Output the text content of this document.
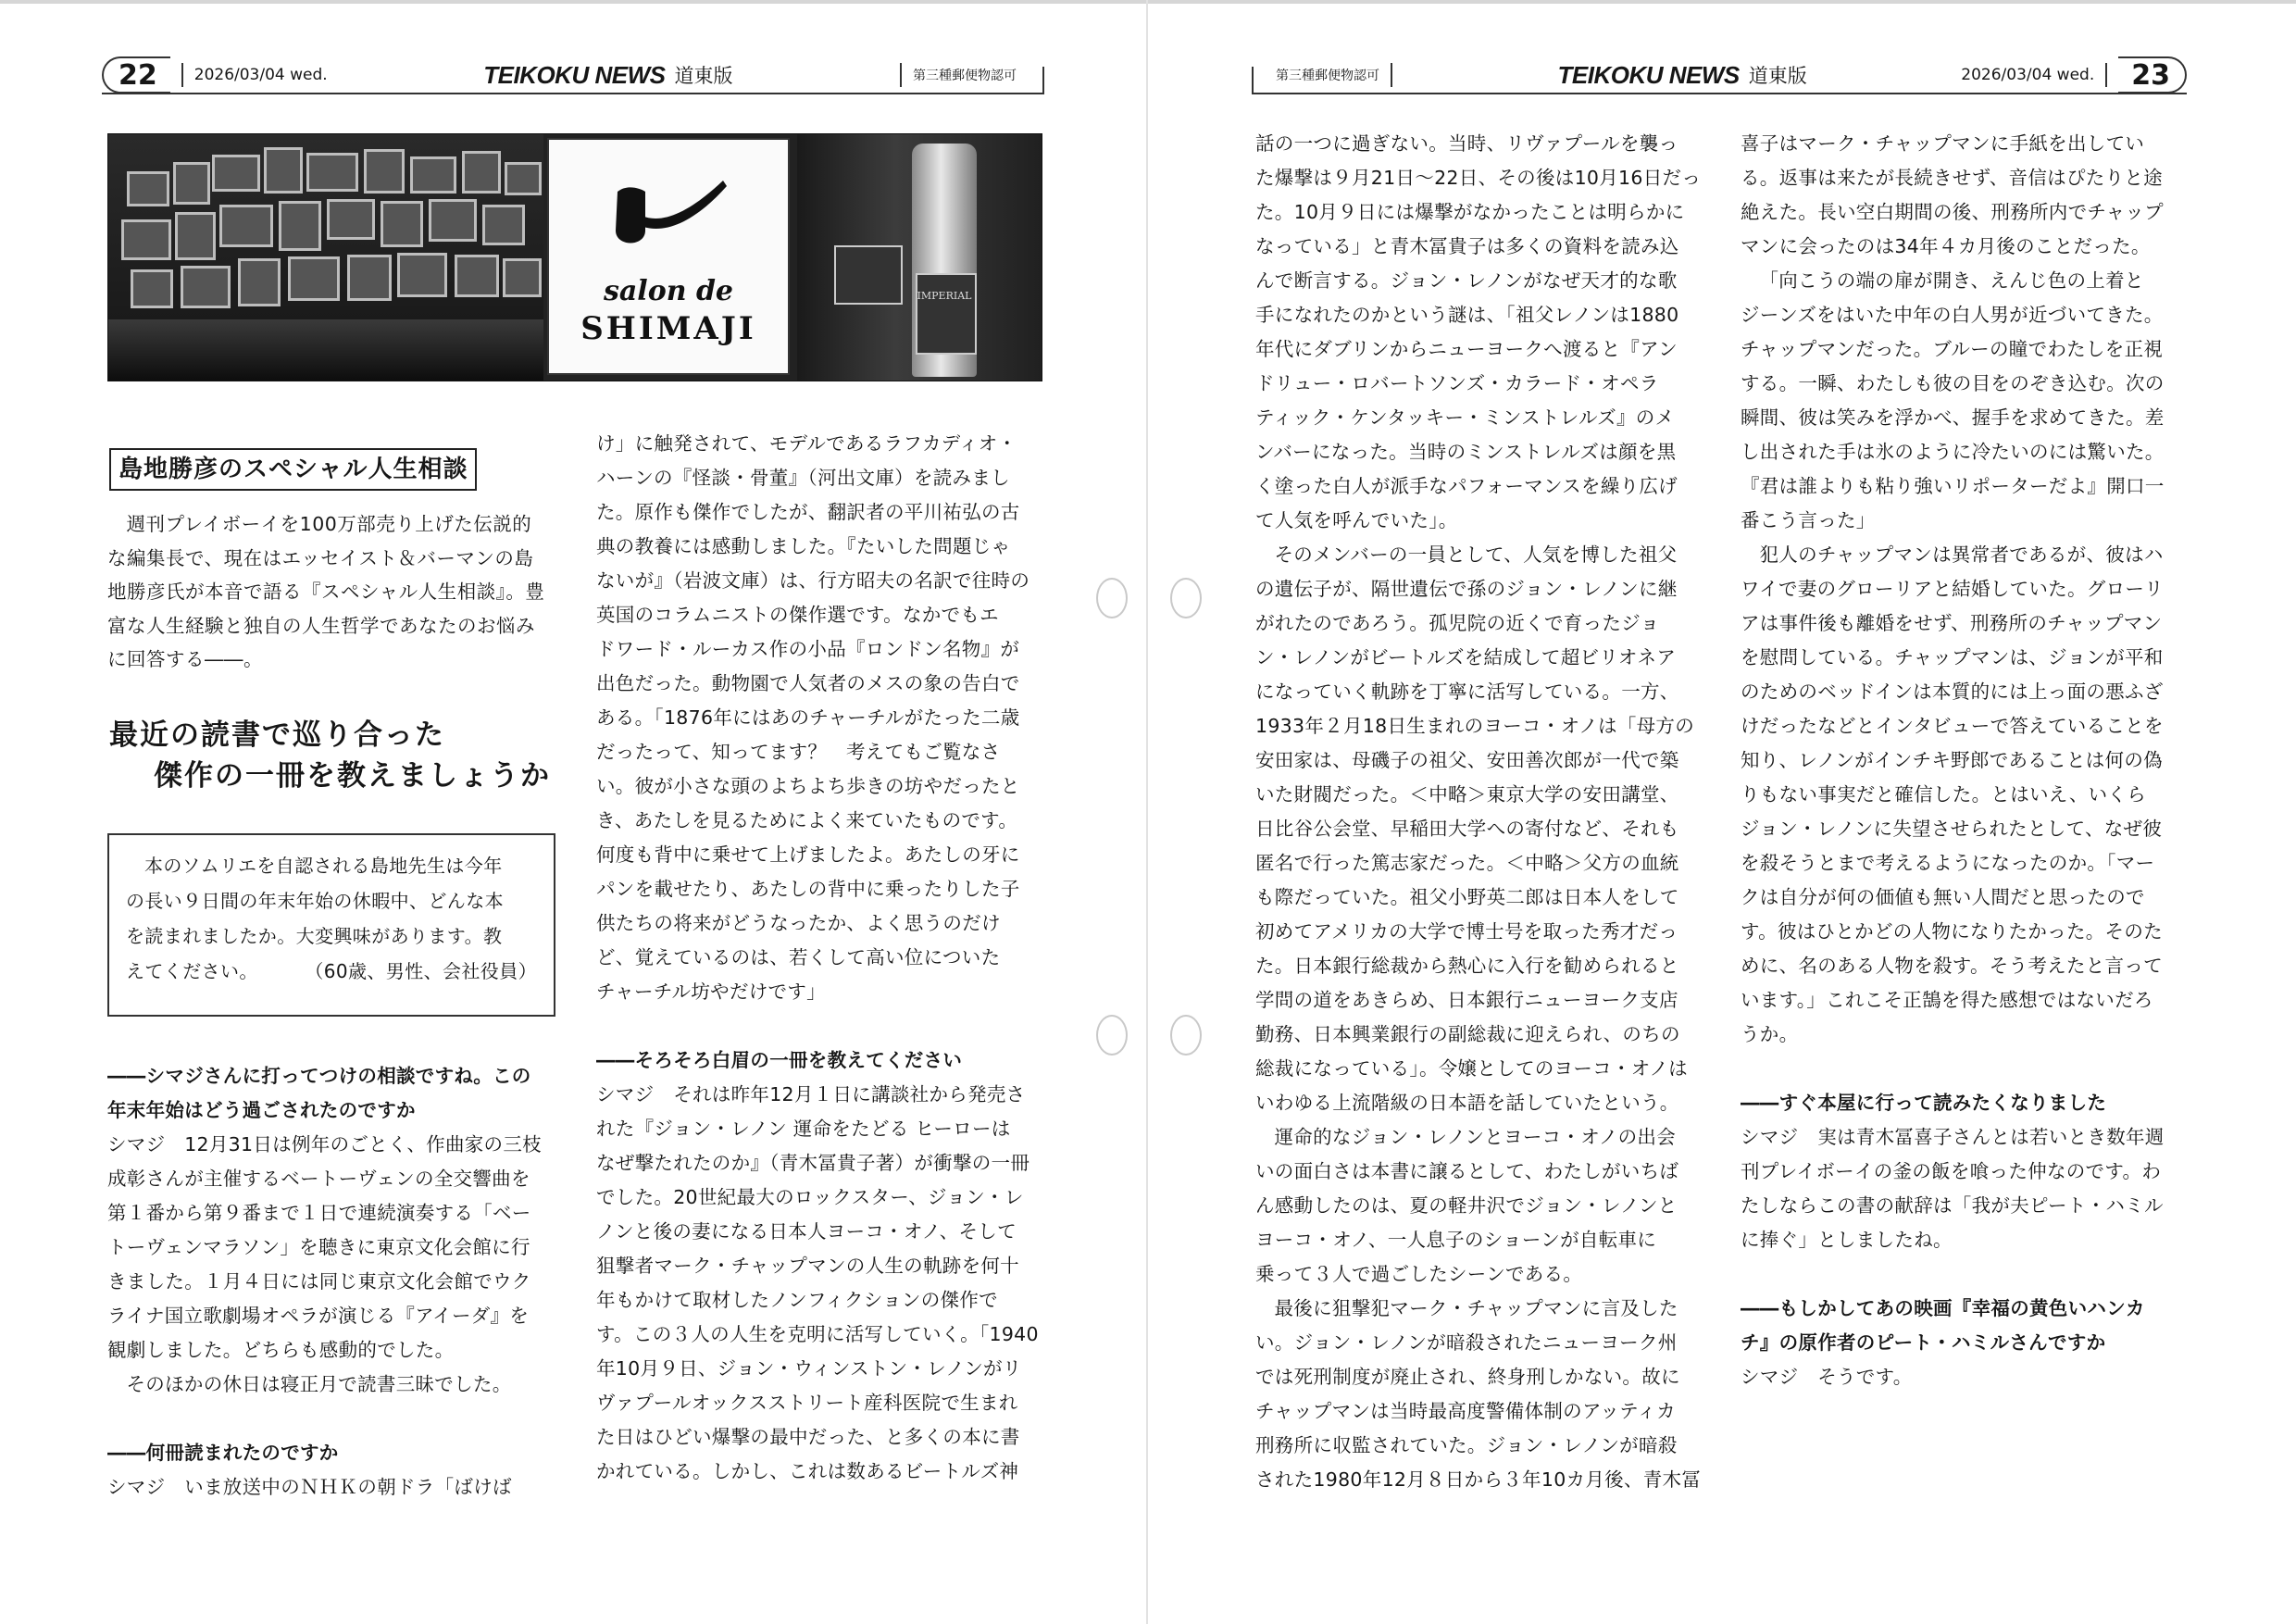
22	2026/03/04 wed.	TEIKOKU NEWS 道東版	第三種郵便物認可	第三種郵便物認可	TEIKOKU NEWS 道東版	2026/03/04 wed.	23
salon de
SHIMAJI
IMPERIAL
島地勝彦のスペシャル人生相談
週刊プレイボーイを100万部売り上げた伝説的
な編集長で、現在はエッセイスト＆バーマンの島
地勝彦氏が本音で語る『スペシャル人生相談』。豊
富な人生経験と独自の人生哲学であなたのお悩み
に回答する――。
最近の読書で巡り合った
傑作の一冊を教えましょうか

本のソムリエを自認される島地先生は今年

の長い９日間の年末年始の休暇中、どんな本
を読まれましたか。大変興味があります。教
えてください。	（60歳、男性、会社役員）

――シマジさんに打ってつけの相談ですね。この

年末年始はどう過ごされたのですか

シマジ　12月31日は例年のごとく、作曲家の三枝

成彰さんが主催するベートーヴェンの全交響曲を

第１番から第９番まで１日で連続演奏する「ベー

トーヴェンマラソン」を聴きに東京文化会館に行

きました。１月４日には同じ東京文化会館でウク

ライナ国立歌劇場オペラが演じる『アイーダ』を

観劇しました。どちらも感動的でした。

そのほかの休日は寝正月で読書三昧でした。

――何冊読まれたのですか

シマジ　いま放送中のＮＨＫの朝ドラ「ばけば

け」に触発されて、モデルであるラフカディオ・

ハーンの『怪談・骨董』（河出文庫）を読みまし

た。原作も傑作でしたが、翻訳者の平川祐弘の古

典の教養には感動しました。『たいした問題じゃ

ないが』（岩波文庫）は、行方昭夫の名訳で往時の

英国のコラムニストの傑作選です。なかでもエ

ドワード・ルーカス作の小品『ロンドン名物』が

出色だった。動物園で人気者のメスの象の告白で

ある。「1876年にはあのチャーチルがたった二歳

だったって、知ってます？　考えてもご覧なさ

い。彼が小さな頭のよちよち歩きの坊やだったと

き、あたしを見るためによく来ていたものです。

何度も背中に乗せて上げましたよ。あたしの牙に

パンを載せたり、あたしの背中に乗ったりした子

供たちの将来がどうなったか、よく思うのだけ

ど、覚えているのは、若くして高い位についた

チャーチル坊やだけです」

――そろそろ白眉の一冊を教えてください

シマジ　それは昨年12月１日に講談社から発売さ

れた『ジョン・レノン 運命をたどる ヒーローは

なぜ撃たれたのか』（青木冨貴子著）が衝撃の一冊

でした。20世紀最大のロックスター、ジョン・レ

ノンと後の妻になる日本人ヨーコ・オノ、そして

狙撃者マーク・チャップマンの人生の軌跡を何十

年もかけて取材したノンフィクションの傑作で

す。この３人の人生を克明に活写していく。「1940

年10月９日、ジョン・ウィンストン・レノンがリ

ヴァプールオックスストリート産科医院で生まれ

た日はひどい爆撃の最中だった、と多くの本に書

かれている。しかし、これは数あるビートルズ神

話の一つに過ぎない。当時、リヴァプールを襲っ

た爆撃は９月21日～22日、その後は10月16日だっ

た。10月９日には爆撃がなかったことは明らかに

なっている」と青木冨貴子は多くの資料を読み込

んで断言する。ジョン・レノンがなぜ天才的な歌

手になれたのかという謎は、「祖父レノンは1880

年代にダブリンからニューヨークへ渡ると『アン

ドリュー・ロバートソンズ・カラード・オペラ

ティック・ケンタッキー・ミンストレルズ』のメ

ンバーになった。当時のミンストレルズは顔を黒

く塗った白人が派手なパフォーマンスを繰り広げ

て人気を呼んでいた」。

そのメンバーの一員として、人気を博した祖父

の遺伝子が、隔世遺伝で孫のジョン・レノンに継

がれたのであろう。孤児院の近くで育ったジョ

ン・レノンがビートルズを結成して超ビリオネア

になっていく軌跡を丁寧に活写している。一方、

1933年２月18日生まれのヨーコ・オノは「母方の

安田家は、母磯子の祖父、安田善次郎が一代で築

いた財閥だった。＜中略＞東京大学の安田講堂、

日比谷公会堂、早稲田大学への寄付など、それも

匿名で行った篤志家だった。＜中略＞父方の血統

も際だっていた。祖父小野英二郎は日本人をして

初めてアメリカの大学で博士号を取った秀才だっ

た。日本銀行総裁から熱心に入行を勧められると

学問の道をあきらめ、日本銀行ニューヨーク支店

勤務、日本興業銀行の副総裁に迎えられ、のちの

総裁になっている」。令嬢としてのヨーコ・オノは

いわゆる上流階級の日本語を話していたという。

運命的なジョン・レノンとヨーコ・オノの出会

いの面白さは本書に譲るとして、わたしがいちば

ん感動したのは、夏の軽井沢でジョン・レノンと

ヨーコ・オノ、一人息子のショーンが自転車に

乗って３人で過ごしたシーンである。

最後に狙撃犯マーク・チャップマンに言及した

い。ジョン・レノンが暗殺されたニューヨーク州

では死刑制度が廃止され、終身刑しかない。故に

チャップマンは当時最高度警備体制のアッティカ

刑務所に収監されていた。ジョン・レノンが暗殺

された1980年12月８日から３年10カ月後、青木冨

喜子はマーク・チャップマンに手紙を出してい

る。返事は来たが長続きせず、音信はぴたりと途

絶えた。長い空白期間の後、刑務所内でチャップ

マンに会ったのは34年４カ月後のことだった。

「向こうの端の扉が開き、えんじ色の上着と

ジーンズをはいた中年の白人男が近づいてきた。

チャップマンだった。ブルーの瞳でわたしを正視

する。一瞬、わたしも彼の目をのぞき込む。次の

瞬間、彼は笑みを浮かべ、握手を求めてきた。差

し出された手は氷のように冷たいのには驚いた。

『君は誰よりも粘り強いリポーターだよ』開口一

番こう言った」

犯人のチャップマンは異常者であるが、彼はハ

ワイで妻のグローリアと結婚していた。グローリ

アは事件後も離婚をせず、刑務所のチャップマン

を慰問している。チャップマンは、ジョンが平和

のためのベッドインは本質的には上っ面の悪ふざ

けだったなどとインタビューで答えていることを

知り、レノンがインチキ野郎であることは何の偽

りもない事実だと確信した。とはいえ、いくら

ジョン・レノンに失望させられたとして、なぜ彼

を殺そうとまで考えるようになったのか。「マー

クは自分が何の価値も無い人間だと思ったので

す。彼はひとかどの人物になりたかった。そのた

めに、名のある人物を殺す。そう考えたと言って

います。」これこそ正鵠を得た感想ではないだろ

うか。

――すぐ本屋に行って読みたくなりました

シマジ　実は青木冨喜子さんとは若いとき数年週

刊プレイボーイの釜の飯を喰った仲なのです。わ

たしならこの書の献辞は「我が夫ピート・ハミル

に捧ぐ」としましたね。

――もしかしてあの映画『幸福の黄色いハンカ

チ』の原作者のピート・ハミルさんですか

シマジ　そうです。
